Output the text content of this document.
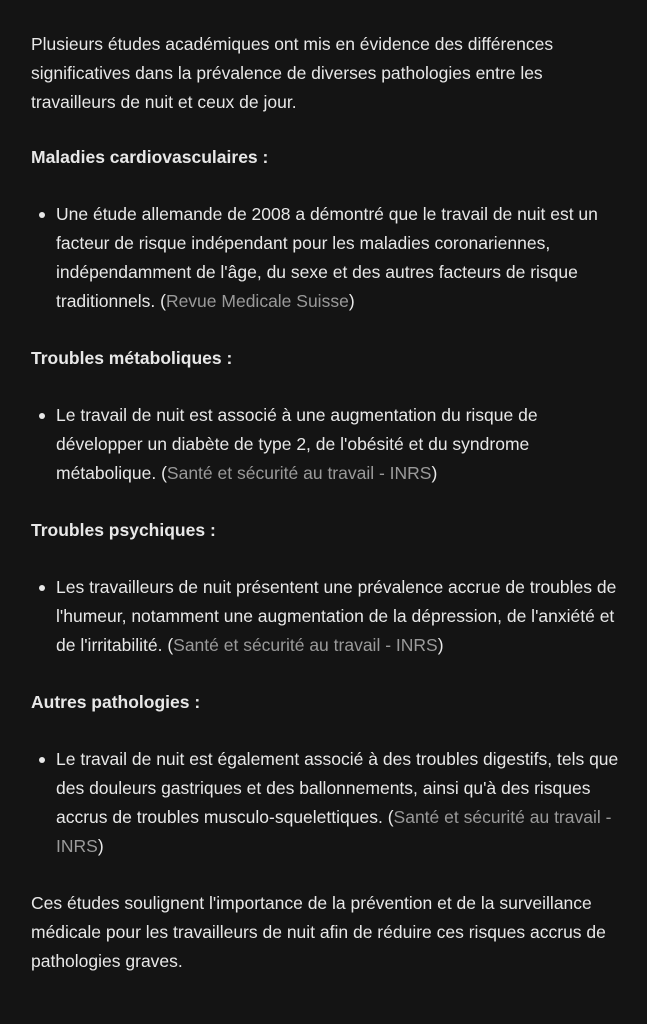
Plusieurs études académiques ont mis en évidence des différences significatives dans la prévalence de diverses pathologies entre les travailleurs de nuit et ceux de jour.

Maladies cardiovasculaires :

Une étude allemande de 2008 a démontré que le travail de nuit est un facteur de risque indépendant pour les maladies coronariennes, indépendamment de l'âge, du sexe et des autres facteurs de risque traditionnels. (Revue Medicale Suisse)

Troubles métaboliques :

Le travail de nuit est associé à une augmentation du risque de développer un diabète de type 2, de l'obésité et du syndrome métabolique. (Santé et sécurité au travail - INRS)

Troubles psychiques :

Les travailleurs de nuit présentent une prévalence accrue de troubles de l'humeur, notamment une augmentation de la dépression, de l'anxiété et de l'irritabilité. (Santé et sécurité au travail - INRS)

Autres pathologies :

Le travail de nuit est également associé à des troubles digestifs, tels que des douleurs gastriques et des ballonnements, ainsi qu'à des risques accrus de troubles musculo-squelettiques. (Santé et sécurité au travail - INRS)

Ces études soulignent l'importance de la prévention et de la surveillance médicale pour les travailleurs de nuit afin de réduire ces risques accrus de pathologies graves.
